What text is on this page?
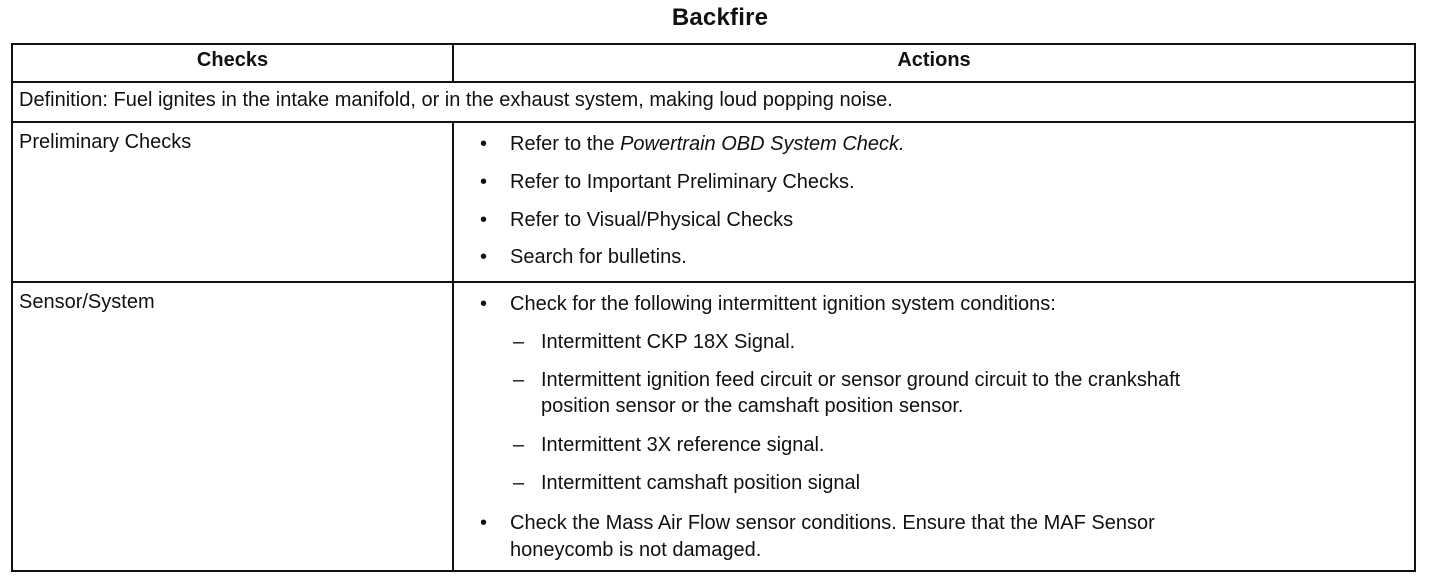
Backfire
Checks	Actions
Definition: Fuel ignites in the intake manifold, or in the exhaust system, making loud popping noise.
Preliminary Checks	• Refer to the Powertrain OBD System Check.
• Refer to Important Preliminary Checks.
• Refer to Visual/Physical Checks
• Search for bulletins.
Sensor/System	• Check for the following intermittent ignition system conditions:
– Intermittent CKP 18X Signal.
– Intermittent ignition feed circuit or sensor ground circuit to the crankshaft
position sensor or the camshaft position sensor.
– Intermittent 3X reference signal.
– Intermittent camshaft position signal
• Check the Mass Air Flow sensor conditions. Ensure that the MAF Sensor
honeycomb is not damaged.
